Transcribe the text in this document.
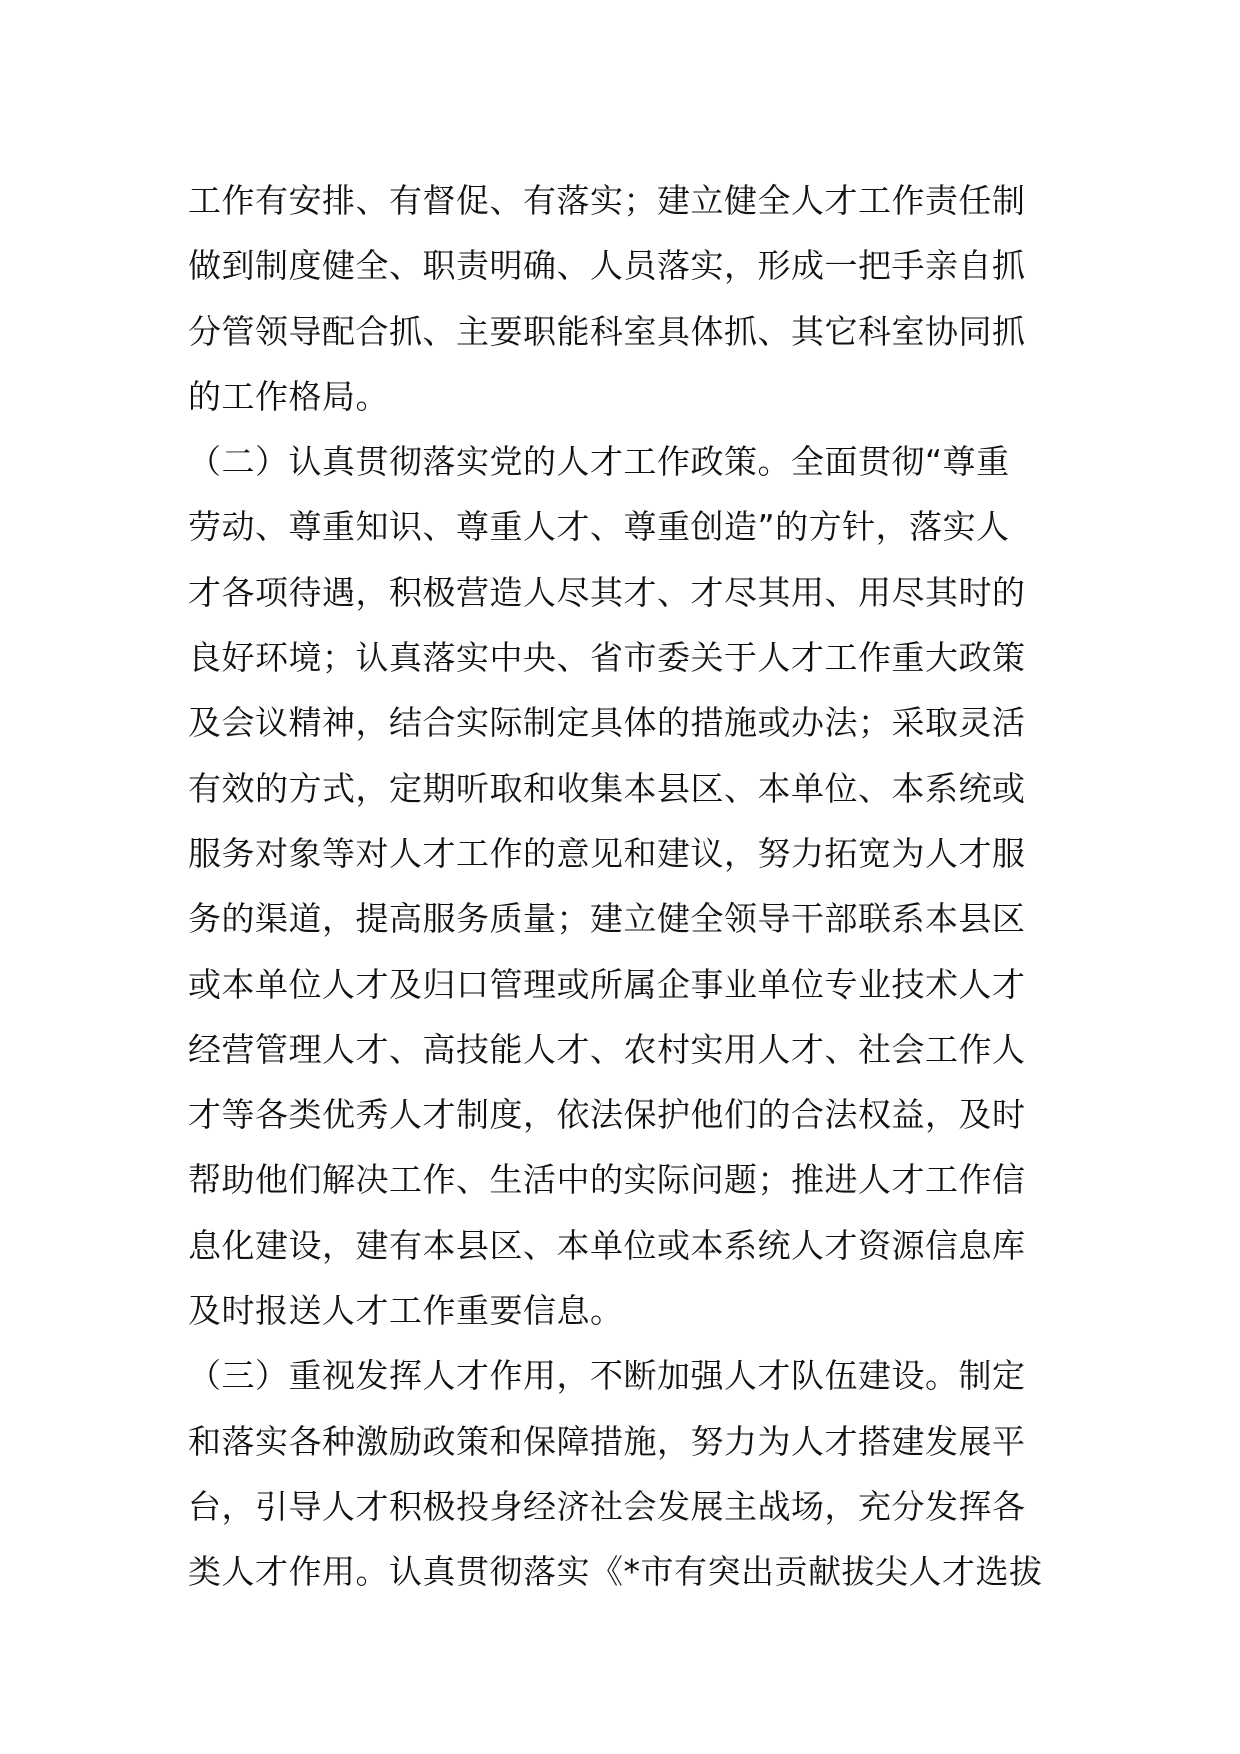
工作有安排、有督促、有落实；建立健全人才工作责任制
做到制度健全、职责明确、人员落实，形成一把手亲自抓
分管领导配合抓、主要职能科室具体抓、其它科室协同抓
的工作格局。
（二）认真贯彻落实党的人才工作政策。全面贯彻“尊重
劳动、尊重知识、尊重人才、尊重创造”的方针，落实人
才各项待遇，积极营造人尽其才、才尽其用、用尽其时的
良好环境；认真落实中央、省市委关于人才工作重大政策
及会议精神，结合实际制定具体的措施或办法；采取灵活
有效的方式，定期听取和收集本县区、本单位、本系统或
服务对象等对人才工作的意见和建议，努力拓宽为人才服
务的渠道，提高服务质量；建立健全领导干部联系本县区
或本单位人才及归口管理或所属企事业单位专业技术人才
经营管理人才、高技能人才、农村实用人才、社会工作人
才等各类优秀人才制度，依法保护他们的合法权益，及时
帮助他们解决工作、生活中的实际问题；推进人才工作信
息化建设，建有本县区、本单位或本系统人才资源信息库
及时报送人才工作重要信息。
（三）重视发挥人才作用，不断加强人才队伍建设。制定
和落实各种激励政策和保障措施，努力为人才搭建发展平
台，引导人才积极投身经济社会发展主战场，充分发挥各
类人才作用。认真贯彻落实《*市有突出贡献拔尖人才选拔
